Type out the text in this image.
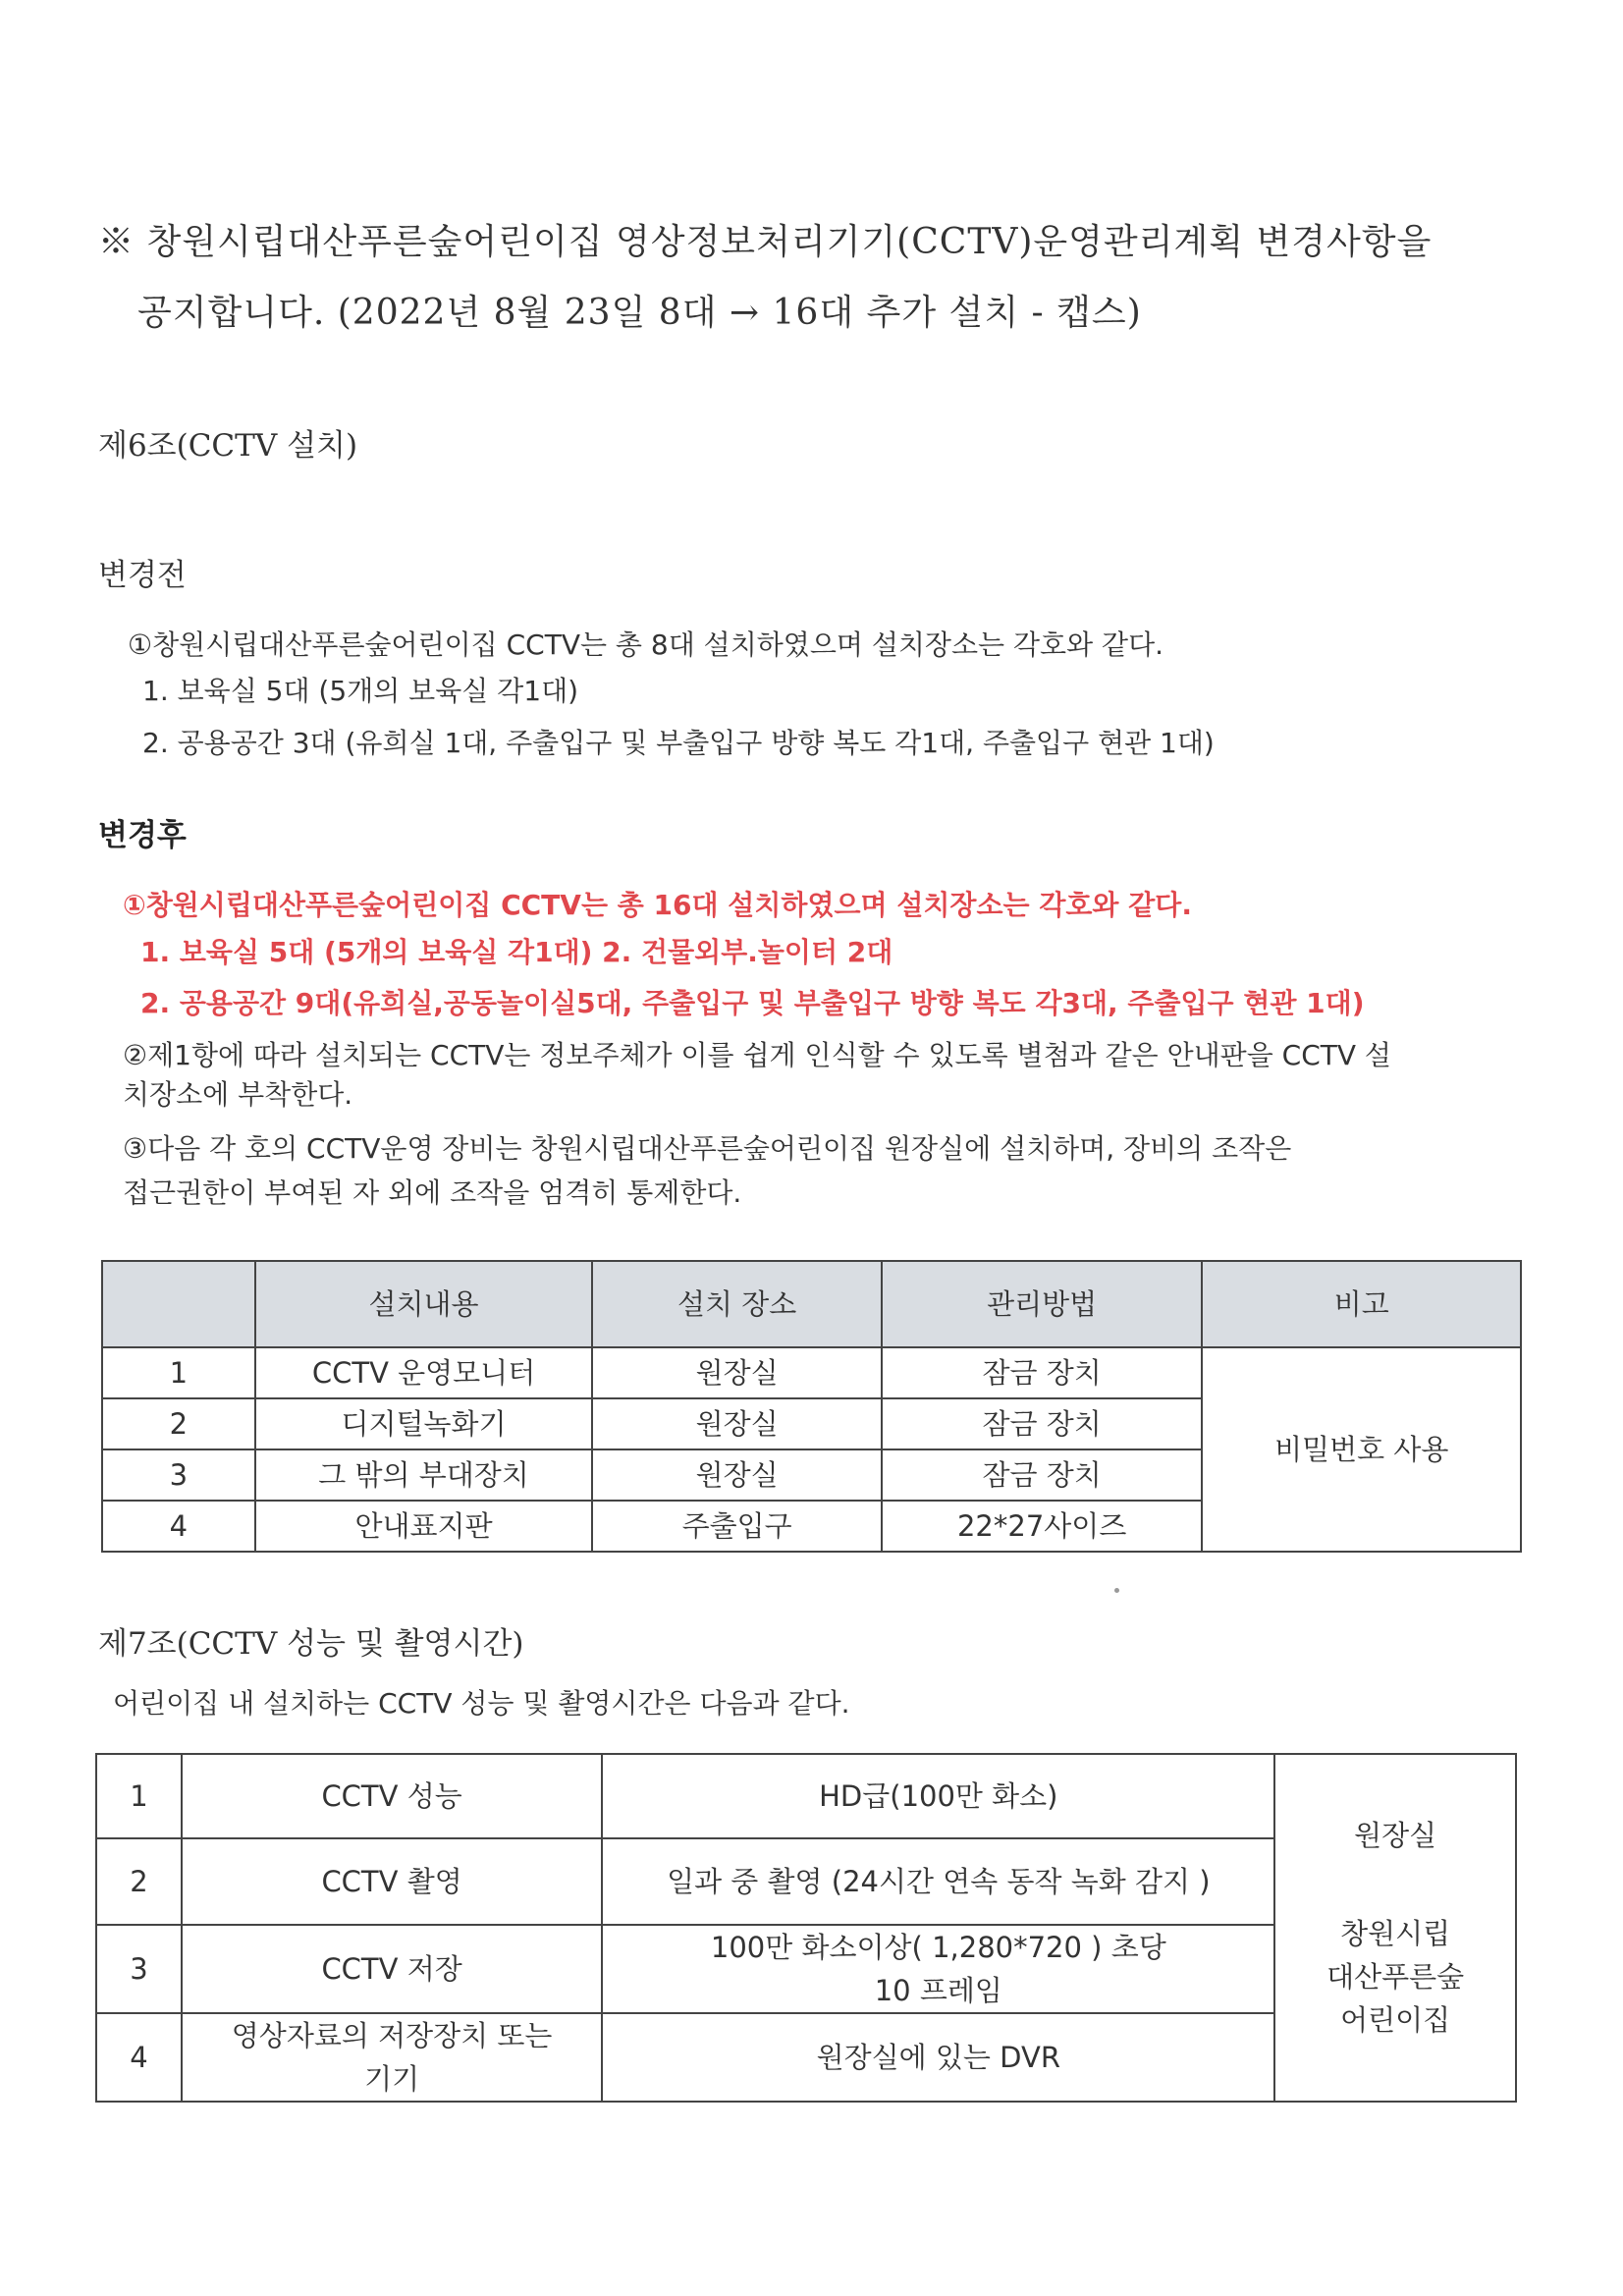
※ 창원시립대산푸른숲어린이집 영상정보처리기기(CCTV)운영관리계획 변경사항을
공지합니다. (2022년 8월 23일 8대 → 16대 추가 설치 - 캡스)
제6조(CCTV 설치)
변경전
①창원시립대산푸른숲어린이집 CCTV는 총 8대 설치하였으며 설치장소는 각호와 같다.
1. 보육실 5대 (5개의 보육실 각1대)
2. 공용공간 3대 (유희실 1대, 주출입구 및 부출입구 방향 복도 각1대, 주출입구 현관 1대)
변경후
①창원시립대산푸른숲어린이집 CCTV는 총 16대 설치하였으며 설치장소는 각호와 같다.
1. 보육실 5대 (5개의 보육실 각1대) 2. 건물외부.놀이터 2대
2. 공용공간 9대(유희실,공동놀이실5대, 주출입구 및 부출입구 방향 복도 각3대, 주출입구 현관 1대)
②제1항에 따라 설치되는 CCTV는 정보주체가 이를 쉽게 인식할 수 있도록 별첨과 같은 안내판을 CCTV 설
치장소에 부착한다.
③다음 각 호의 CCTV운영 장비는 창원시립대산푸른숲어린이집 원장실에 설치하며, 장비의 조작은
접근권한이 부여된 자 외에 조작을 엄격히 통제한다.
	설치내용	설치 장소	관리방법	비고
1	CCTV 운영모니터	원장실	잠금 장치	비밀번호 사용
2	디지털녹화기	원장실	잠금 장치	
3	그 밖의 부대장치	원장실	잠금 장치	
4	안내표지판	주출입구	22*27사이즈	
제7조(CCTV 성능 및 촬영시간)
어린이집 내 설치하는 CCTV 성능 및 촬영시간은 다음과 같다.
1	CCTV 성능	HD급(100만 화소)	원장실
창원시립
대산푸른숲
어린이집

2	CCTV 촬영	일과 중 촬영 (24시간 연속 동작 녹화 감지 )	
3	CCTV 저장	100만 화소이상( 1,280*720 ) 초당
10 프레임	

4	영상자료의 저장장치 또는
기기	원장실에 있는 DVR	
